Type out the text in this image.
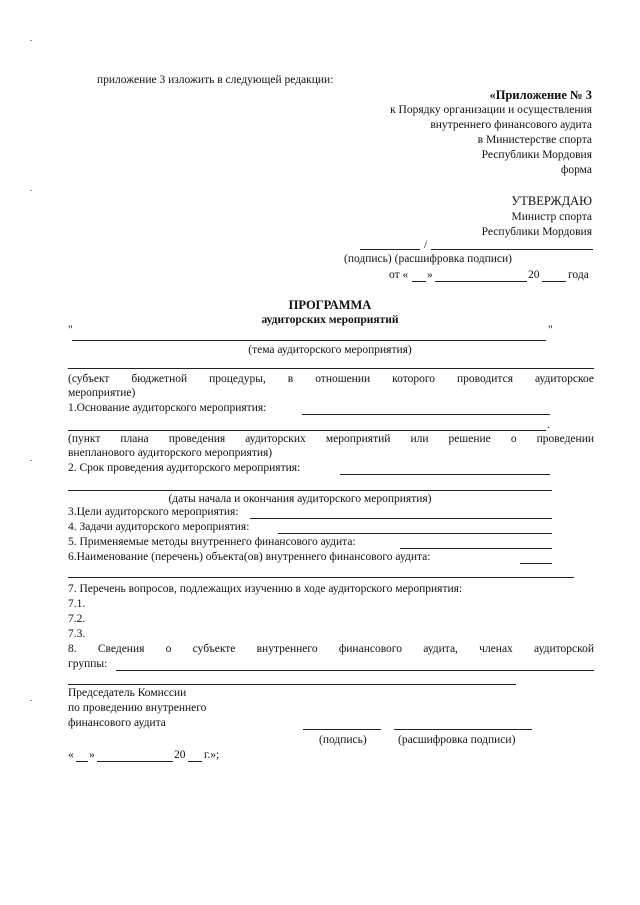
приложение 3 изложить в следующей редакции:
«Приложение № 3
к Порядку организации и осуществления
внутреннего финансового аудита
в Министерстве спорта
Республики Мордовия
форма
УТВЕРЖДАЮ
Министр спорта
Республики Мордовия
/
(подпись) (расшифровка подписи)
от « »	20 года
ПРОГРАММА
аудиторских мероприятий
"	"
(тема аудиторского мероприятия)
(субъект бюджетной процедуры, в отношении которого проводится аудиторское
мероприятие)
1.Основание аудиторского мероприятия:
.
(пункт плана проведения аудиторских мероприятий или решение о проведении
внепланового аудиторского мероприятия)
2. Срок проведения аудиторского мероприятия:
(даты начала и окончания аудиторского мероприятия)
3.Цели аудиторского мероприятия:
4. Задачи аудиторского мероприятия:
5. Применяемые методы внутреннего финансового аудита:
6.Наименование (перечень) объекта(ов) внутреннего финансового аудита:
7. Перечень вопросов, подлежащих изучению в ходе аудиторского мероприятия:
7.1.
7.2.
7.3.
8. Сведения о субъекте внутреннего финансового аудита, членах аудиторской
группы:
Председатель Комиссии
по проведению внутреннего
финансового аудита
(подпись)	(расшифровка подписи)
« »	20 г.»;
